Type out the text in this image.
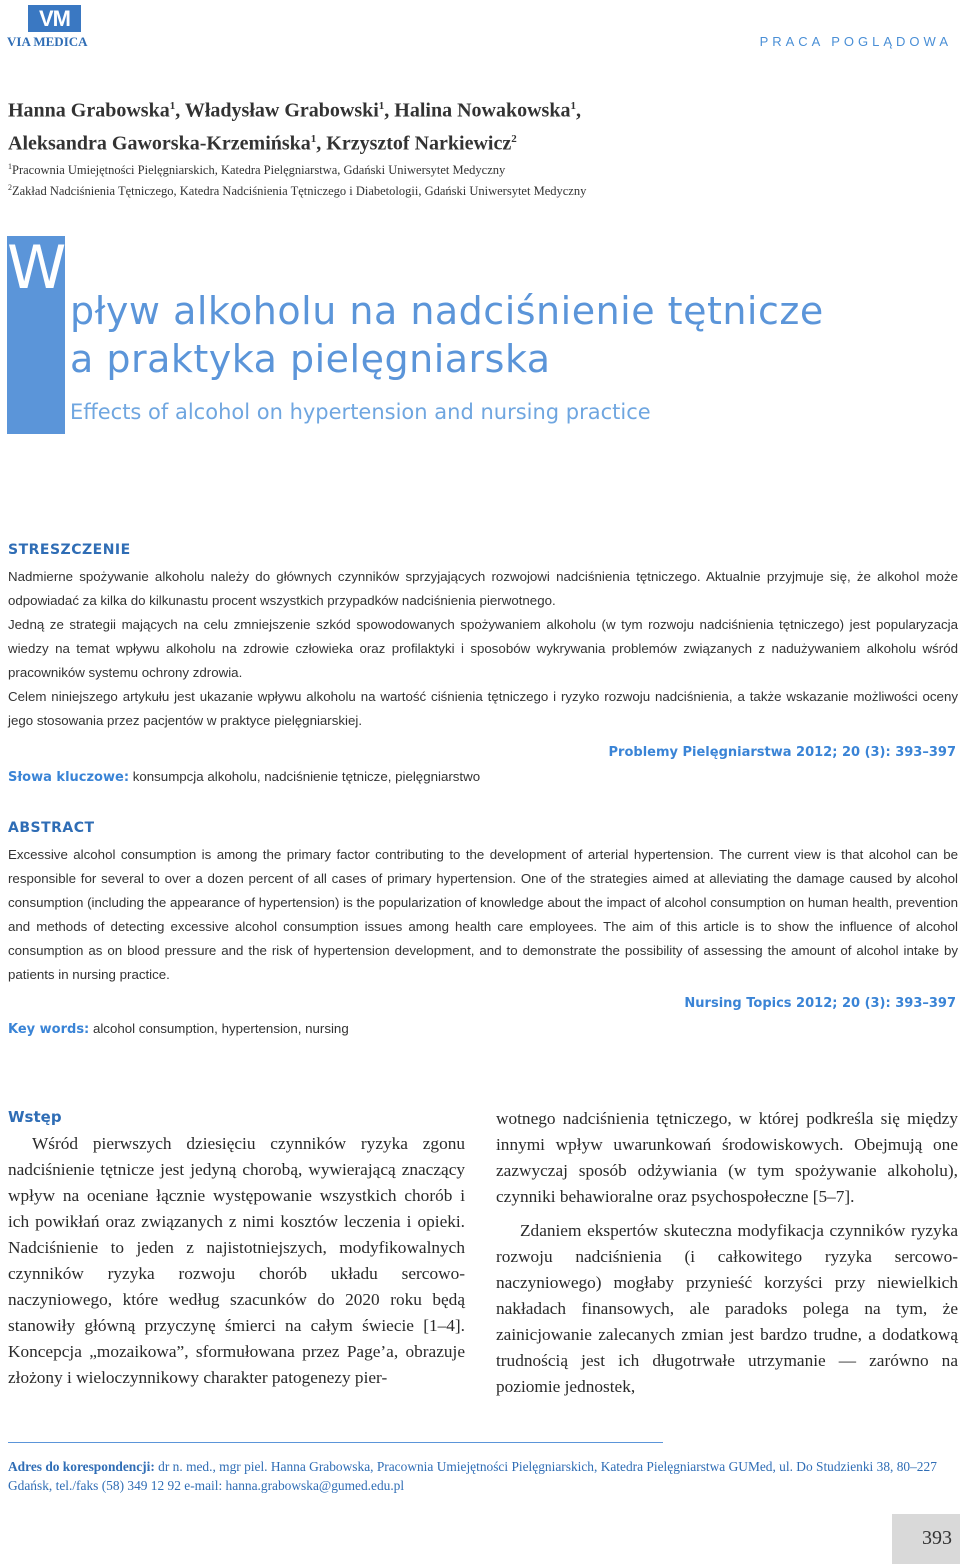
VM
VIA MEDICA	PRACA POGLĄDOWA
Hanna Grabowska$^1$, Władysław Grabowski$^1$, Halina Nowakowska$^1$,
Aleksandra Gaworska-Krzemińska$^1$, Krzysztof Narkiewicz$^2$
$^1$Pracownia Umiejętności Pielęgniarskich, Katedra Pielęgniarstwa, Gdański Uniwersytet Medyczny
$^2$Zakład Nadciśnienia Tętniczego, Katedra Nadciśnienia Tętniczego i Diabetologii, Gdański Uniwersytet Medyczny
W
pływ alkoholu na nadciśnienie tętnicze
a praktyka pielęgniarska
Effects of alcohol on hypertension and nursing practice
STRESZCZENIE

Nadmierne spożywanie alkoholu należy do głównych czynników sprzyjających rozwojowi nadciśnienia tętniczego. Aktualnie przyjmuje się, że alkohol może odpowiadać za kilka do kilkunastu procent wszystkich przypadków nadciśnienia pierwotnego.

Jedną ze strategii mających na celu zmniejszenie szkód spowodowanych spożywaniem alkoholu (w tym rozwoju nadciśnienia tętniczego) jest popularyzacja wiedzy na temat wpływu alkoholu na zdrowie człowieka oraz profilaktyki i sposobów wykrywania problemów związanych z nadużywaniem alkoholu wśród pracowników systemu ochrony zdrowia.

Celem niniejszego artykułu jest ukazanie wpływu alkoholu na wartość ciśnienia tętniczego i ryzyko rozwoju nadciśnienia, a także wskazanie możliwości oceny jego stosowania przez pacjentów w praktyce pielęgniarskiej.

Problemy Pielęgniarstwa 2012; 20 (3): 393–397
Słowa kluczowe: konsumpcja alkoholu, nadciśnienie tętnicze, pielęgniarstwo
ABSTRACT

Excessive alcohol consumption is among the primary factor contributing to the development of arterial hypertension. The current view is that alcohol can be responsible for several to over a dozen percent of all cases of primary hypertension. One of the strategies aimed at alleviating the damage caused by alcohol consumption (including the appearance of hypertension) is the popularization of knowledge about the impact of alcohol consumption on human health, prevention and methods of detecting excessive alcohol consumption issues among health care employees. The aim of this article is to show the influence of alcohol consumption as on blood pressure and the risk of hypertension development, and to demonstrate the possibility of assessing the amount of alcohol intake by patients in nursing practice.

Nursing Topics 2012; 20 (3): 393–397
Key words: alcohol consumption, hypertension, nursing
Wstęp

Wśród pierwszych dziesięciu czynników ryzyka zgonu nadciśnienie tętnicze jest jedyną chorobą, wywierającą znaczący wpływ na oceniane łącznie występowanie wszystkich chorób i ich powikłań oraz związanych z nimi kosztów leczenia i opieki. Nadciśnienie to jeden z najistotniejszych, modyfikowalnych czynników ryzyka rozwoju chorób układu sercowo-naczyniowego, które według szacunków do 2020 roku będą stanowiły główną przyczynę śmierci na całym świecie [1–4]. Koncepcja „mozaikowa”, sformułowana przez Page’a, obrazuje złożony i wieloczynnikowy charakter patogenezy pier-

wotnego nadciśnienia tętniczego, w której podkreśla się między innymi wpływ uwarunkowań środowiskowych. Obejmują one zazwyczaj sposób odżywiania (w tym spożywanie alkoholu), czynniki behawioralne oraz psychospołeczne [5–7].

Zdaniem ekspertów skuteczna modyfikacja czynników ryzyka rozwoju nadciśnienia (i całkowitego ryzyka sercowo-naczyniowego) mogłaby przynieść korzyści przy niewielkich nakładach finansowych, ale paradoks polega na tym, że zainicjowanie zalecanych zmian jest bardzo trudne, a dodatkową trudnością jest ich długotrwałe utrzymanie — zarówno na poziomie jednostek,

Adres do korespondencji: dr n. med., mgr piel. Hanna Grabowska, Pracownia Umiejętności Pielęgniarskich, Katedra Pielęgniarstwa GUMed, ul. Do Studzienki 38, 80–227 Gdańsk, tel./faks (58) 349 12 92 e-mail: hanna.grabowska@gumed.edu.pl
393
